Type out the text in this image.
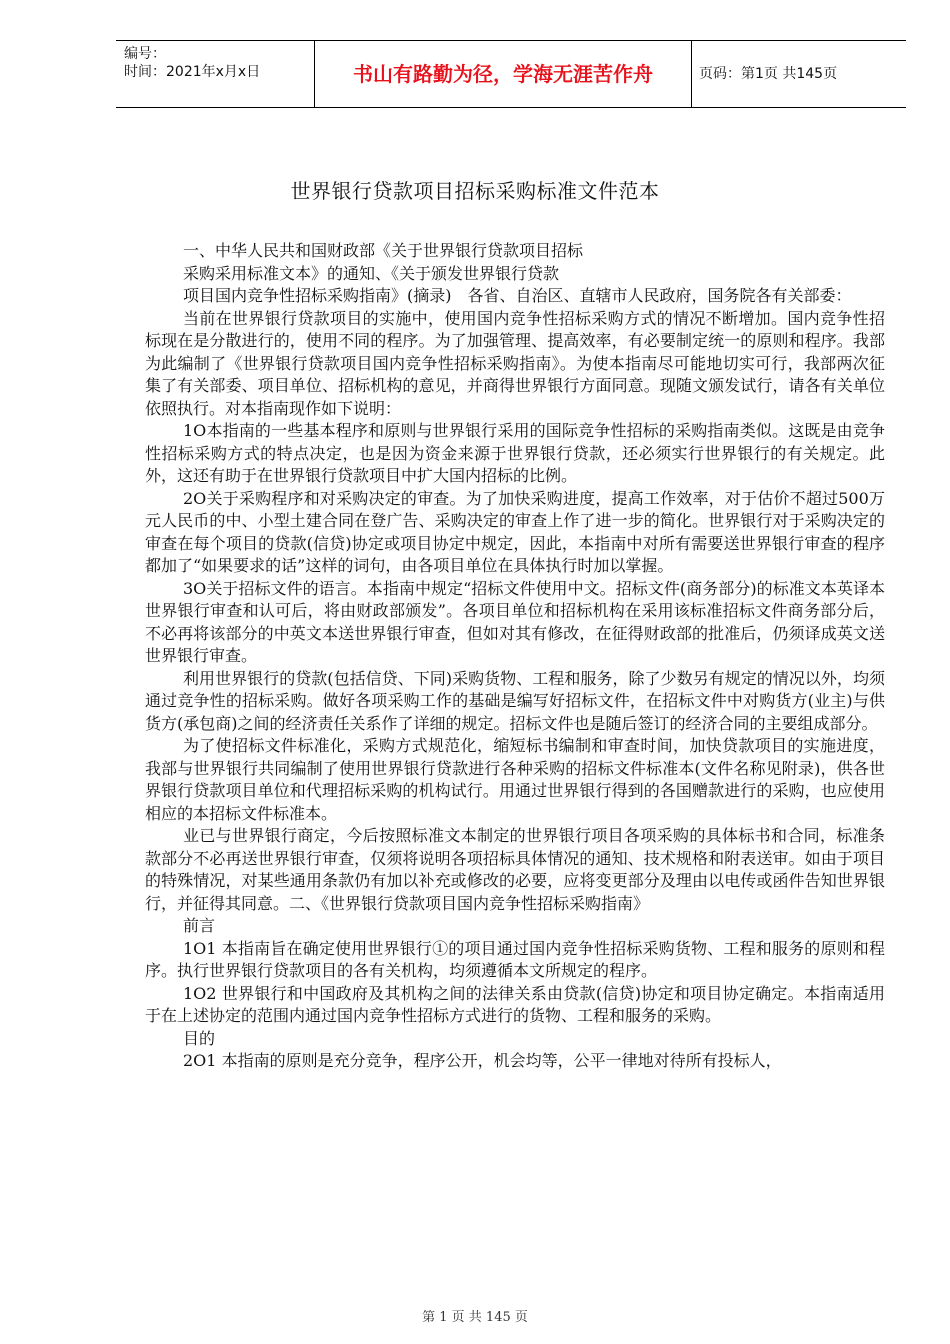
编号：
时间：2021年x月x日	书山有路勤为径，学海无涯苦作舟	页码：第1页 共145页
世界银行贷款项目招标采购标准文件范本

一、中华人民共和国财政部《关于世界银行贷款项目招标

采购采用标准文本》的通知、《关于颁发世界银行贷款

项目国内竞争性招标采购指南》(摘录)　各省、自治区、直辖市人民政府，国务院各有关部委：

当前在世界银行贷款项目的实施中，使用国内竞争性招标采购方式的情况不断增加。国内竞争性招标现在是分散进行的，使用不同的程序。为了加强管理、提高效率，有必要制定统一的原则和程序。我部为此编制了《世界银行贷款项目国内竞争性招标采购指南》。为使本指南尽可能地切实可行，我部两次征集了有关部委、项目单位、招标机构的意见，并商得世界银行方面同意。现随文颁发试行，请各有关单位依照执行。对本指南现作如下说明：

1О本指南的一些基本程序和原则与世界银行采用的国际竞争性招标的采购指南类似。这既是由竞争性招标采购方式的特点决定，也是因为资金来源于世界银行贷款，还必须实行世界银行的有关规定。此外，这还有助于在世界银行贷款项目中扩大国内招标的比例。

2О关于采购程序和对采购决定的审查。为了加快采购进度，提高工作效率，对于估价不超过500万元人民币的中、小型土建合同在登广告、采购决定的审查上作了进一步的简化。世界银行对于采购决定的审查在每个项目的贷款(信贷)协定或项目协定中规定，因此，本指南中对所有需要送世界银行审查的程序都加了“如果要求的话”这样的词句，由各项目单位在具体执行时加以掌握。

3О关于招标文件的语言。本指南中规定“招标文件使用中文。招标文件(商务部分)的标准文本英译本世界银行审查和认可后，将由财政部颁发”。各项目单位和招标机构在采用该标准招标文件商务部分后，不必再将该部分的中英文本送世界银行审查，但如对其有修改，在征得财政部的批准后，仍须译成英文送世界银行审查。

利用世界银行的贷款(包括信贷、下同)采购货物、工程和服务，除了少数另有规定的情况以外，均须通过竞争性的招标采购。做好各项采购工作的基础是编写好招标文件，在招标文件中对购货方(业主)与供货方(承包商)之间的经济责任关系作了详细的规定。招标文件也是随后签订的经济合同的主要组成部分。

为了使招标文件标准化，采购方式规范化，缩短标书编制和审查时间，加快贷款项目的实施进度，我部与世界银行共同编制了使用世界银行贷款进行各种采购的招标文件标准本(文件名称见附录)，供各世界银行贷款项目单位和代理招标采购的机构试行。用通过世界银行得到的各国赠款进行的采购，也应使用相应的本招标文件标准本。

业已与世界银行商定，今后按照标准文本制定的世界银行项目各项采购的具体标书和合同，标准条款部分不必再送世界银行审查，仅须将说明各项招标具体情况的通知、技术规格和附表送审。如由于项目的特殊情况，对某些通用条款仍有加以补充或修改的必要，应将变更部分及理由以电传或函件告知世界银行，并征得其同意。二、《世界银行贷款项目国内竞争性招标采购指南》

前言

1О1 本指南旨在确定使用世界银行①的项目通过国内竞争性招标采购货物、工程和服务的原则和程序。执行世界银行贷款项目的各有关机构，均须遵循本文所规定的程序。

1О2 世界银行和中国政府及其机构之间的法律关系由贷款(信贷)协定和项目协定确定。本指南适用于在上述协定的范围内通过国内竞争性招标方式进行的货物、工程和服务的采购。

目的

2О1 本指南的原则是充分竞争，程序公开，机会均等，公平一律地对待所有投标人，

第 1 页 共 145 页
